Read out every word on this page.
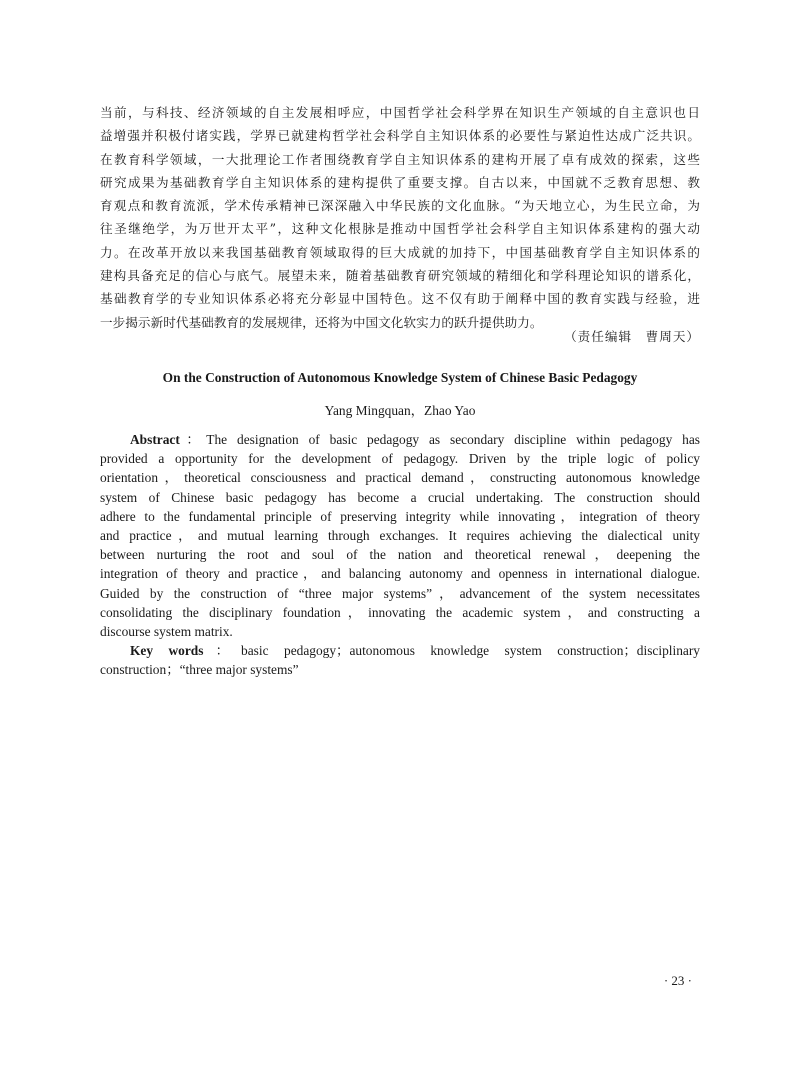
当前，与科技、经济领域的自主发展相呼应，中国哲学社会科学界在知识生产领域的自主意识也日
益增强并积极付诸实践，学界已就建构哲学社会科学自主知识体系的必要性与紧迫性达成广泛共识。
在教育科学领域，一大批理论工作者围绕教育学自主知识体系的建构开展了卓有成效的探索，这些
研究成果为基础教育学自主知识体系的建构提供了重要支撑。自古以来，中国就不乏教育思想、教
育观点和教育流派，学术传承精神已深深融入中华民族的文化血脉。“为天地立心，为生民立命，为
往圣继绝学，为万世开太平”，这种文化根脉是推动中国哲学社会科学自主知识体系建构的强大动
力。在改革开放以来我国基础教育领域取得的巨大成就的加持下，中国基础教育学自主知识体系的
建构具备充足的信心与底气。展望未来，随着基础教育研究领域的精细化和学科理论知识的谱系化，
基础教育学的专业知识体系必将充分彰显中国特色。这不仅有助于阐释中国的教育实践与经验，进
一步揭示新时代基础教育的发展规律，还将为中国文化软实力的跃升提供助力。
（责任编辑　曹周天）
On the Construction of Autonomous Knowledge System of Chinese Basic Pedagogy
Yang Mingquan，Zhao Yao
Abstract：The designation of basic pedagogy as secondary discipline within pedagogy has
provided a opportunity for the development of pedagogy. Driven by the triple logic of policy
orientation，theoretical consciousness and practical demand，constructing autonomous knowledge
system of Chinese basic pedagogy has become a crucial undertaking. The construction should
adhere to the fundamental principle of preserving integrity while innovating，integration of theory
and practice，and mutual learning through exchanges. It requires achieving the dialectical unity
between nurturing the root and soul of the nation and theoretical renewal，deepening the
integration of theory and practice，and balancing autonomy and openness in international dialogue.
Guided by the construction of “three major systems”，advancement of the system necessitates
consolidating the disciplinary foundation，innovating the academic system，and constructing a
discourse system matrix.
Key words：basic pedagogy；autonomous knowledge system construction；disciplinary
construction；“three major systems”
· 23 ·
